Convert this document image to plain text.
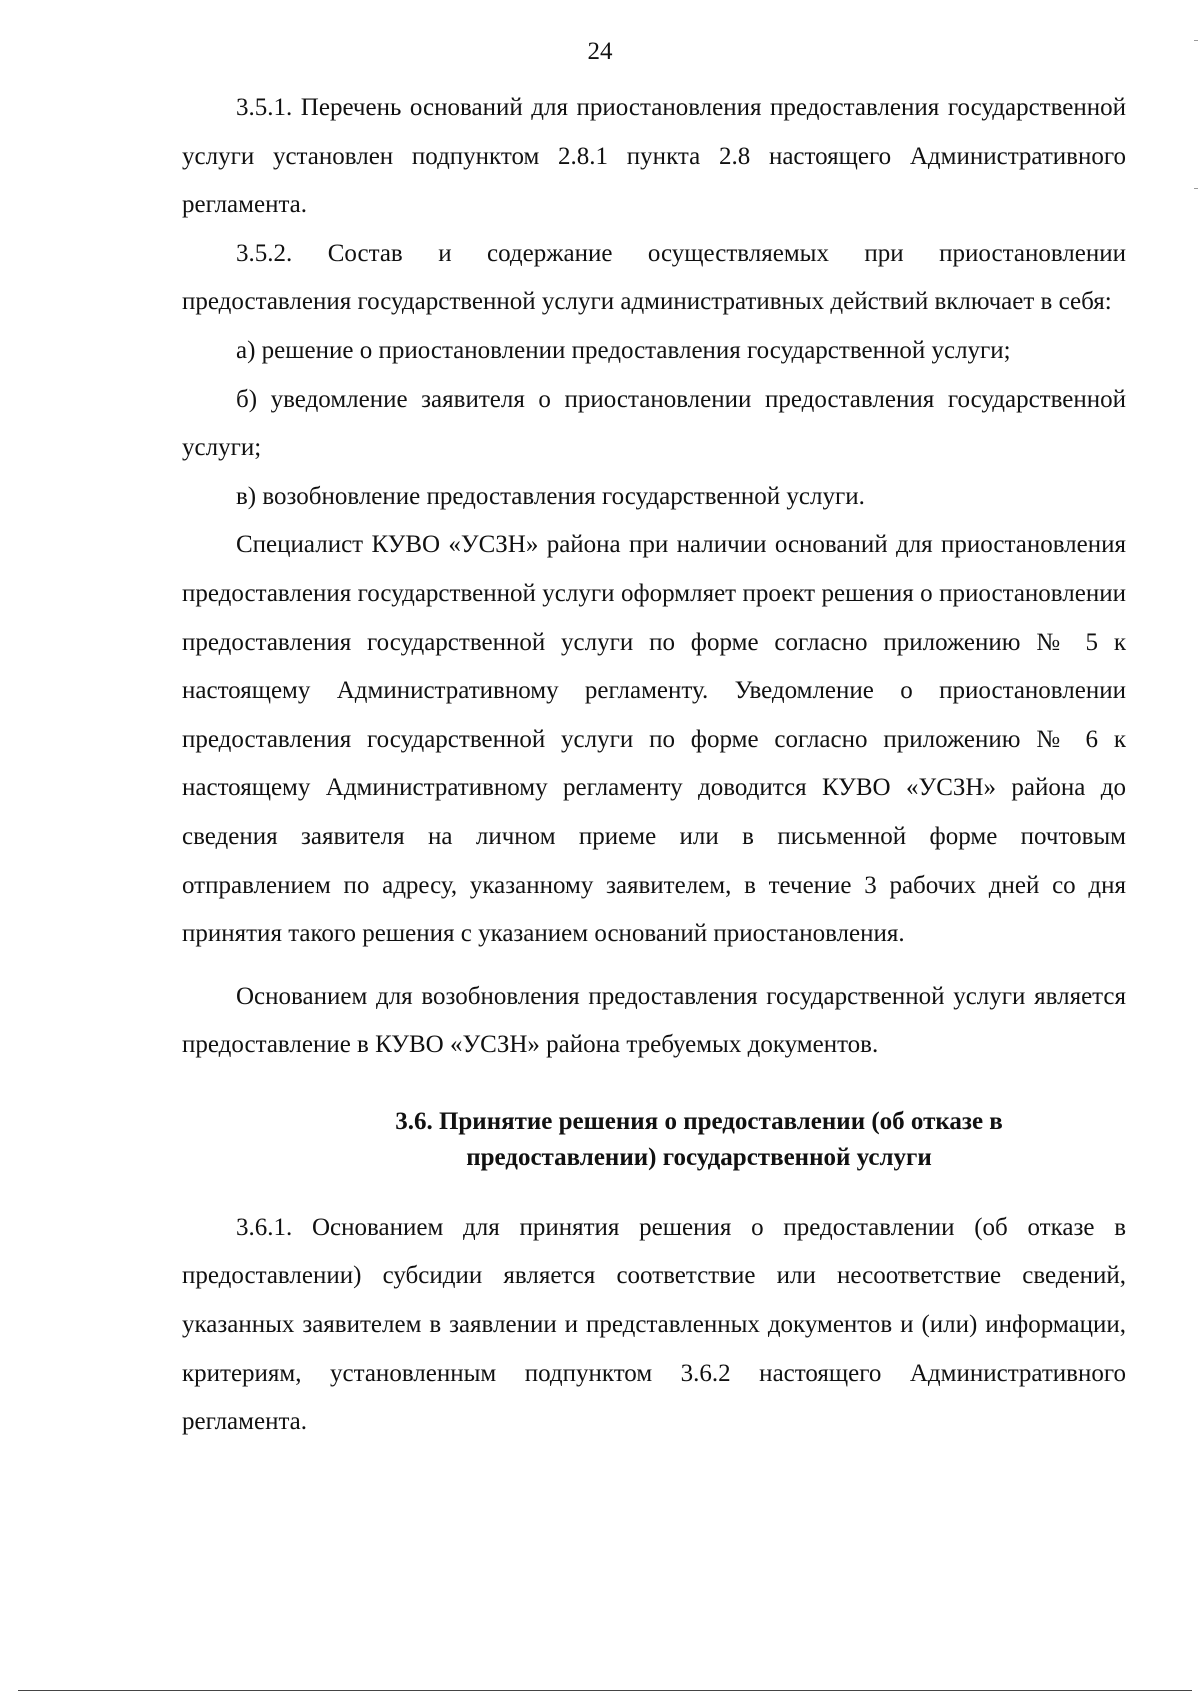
24

3.5.1. Перечень оснований для приостановления предоставления государственной услуги установлен подпунктом 2.8.1 пункта 2.8 настоящего Административного регламента.

3.5.2. Состав и содержание осуществляемых при приостановлении предоставления государственной услуги административных действий включает в себя:

а) решение о приостановлении предоставления государственной услуги;

б) уведомление заявителя о приостановлении предоставления государственной услуги;

в) возобновление предоставления государственной услуги.

Специалист КУВО «УСЗН» района при наличии оснований для приостановления предоставления государственной услуги оформляет проект решения о приостановлении предоставления государственной услуги по форме согласно приложению № 5 к настоящему Административному регламенту. Уведомление о приостановлении предоставления государственной услуги по форме согласно приложению № 6 к настоящему Административному регламенту доводится КУВО «УСЗН» района до сведения заявителя на личном приеме или в письменной форме почтовым отправлением по адресу, указанному заявителем, в течение 3 рабочих дней со дня принятия такого решения с указанием оснований приостановления.

Основанием для возобновления предоставления государственной услуги является предоставление в КУВО «УСЗН» района требуемых документов.

3.6. Принятие решения о предоставлении (об отказе в
предоставлении) государственной услуги

3.6.1. Основанием для принятия решения о предоставлении (об отказе в предоставлении) субсидии является соответствие или несоответствие сведений, указанных заявителем в заявлении и представленных документов и (или) информации, критериям, установленным подпунктом 3.6.2 настоящего Административного регламента.
